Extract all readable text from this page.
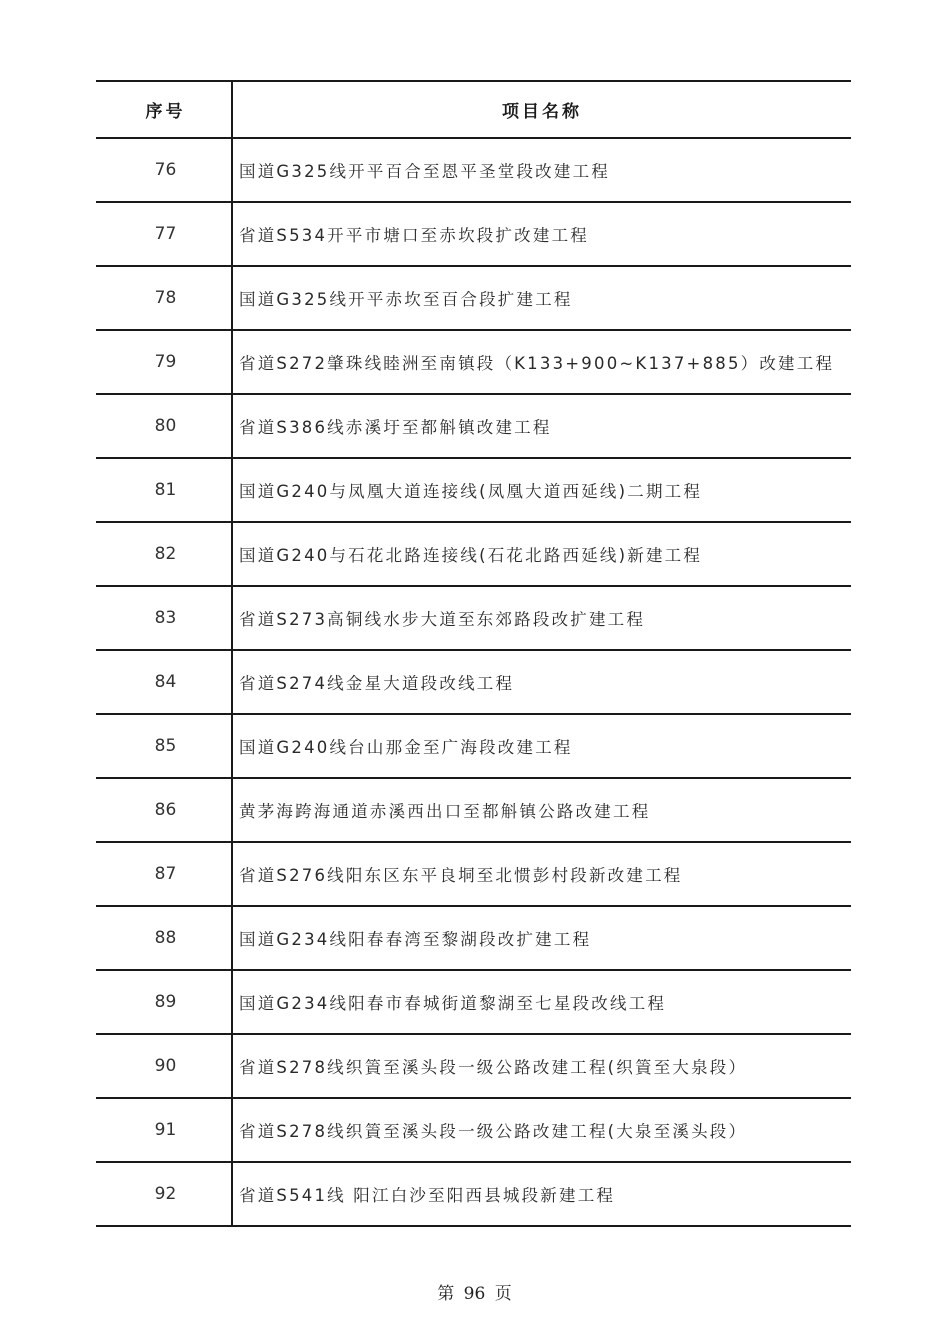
序号	项目名称
76	国道G325线开平百合至恩平圣堂段改建工程
77	省道S534开平市塘口至赤坎段扩改建工程
78	国道G325线开平赤坎至百合段扩建工程
79	省道S272肇珠线睦洲至南镇段（K133+900~K137+885）改建工程
80	省道S386线赤溪圩至都斛镇改建工程
81	国道G240与凤凰大道连接线(凤凰大道西延线)二期工程
82	国道G240与石花北路连接线(石花北路西延线)新建工程
83	省道S273高铜线水步大道至东郊路段改扩建工程
84	省道S274线金星大道段改线工程
85	国道G240线台山那金至广海段改建工程
86	黄茅海跨海通道赤溪西出口至都斛镇公路改建工程
87	省道S276线阳东区东平良垌至北惯彭村段新改建工程
88	国道G234线阳春春湾至黎湖段改扩建工程
89	国道G234线阳春市春城街道黎湖至七星段改线工程
90	省道S278线织篢至溪头段一级公路改建工程(织篢至大泉段）
91	省道S278线织篢至溪头段一级公路改建工程(大泉至溪头段）
92	省道S541线 阳江白沙至阳西县城段新建工程
第 96 页
